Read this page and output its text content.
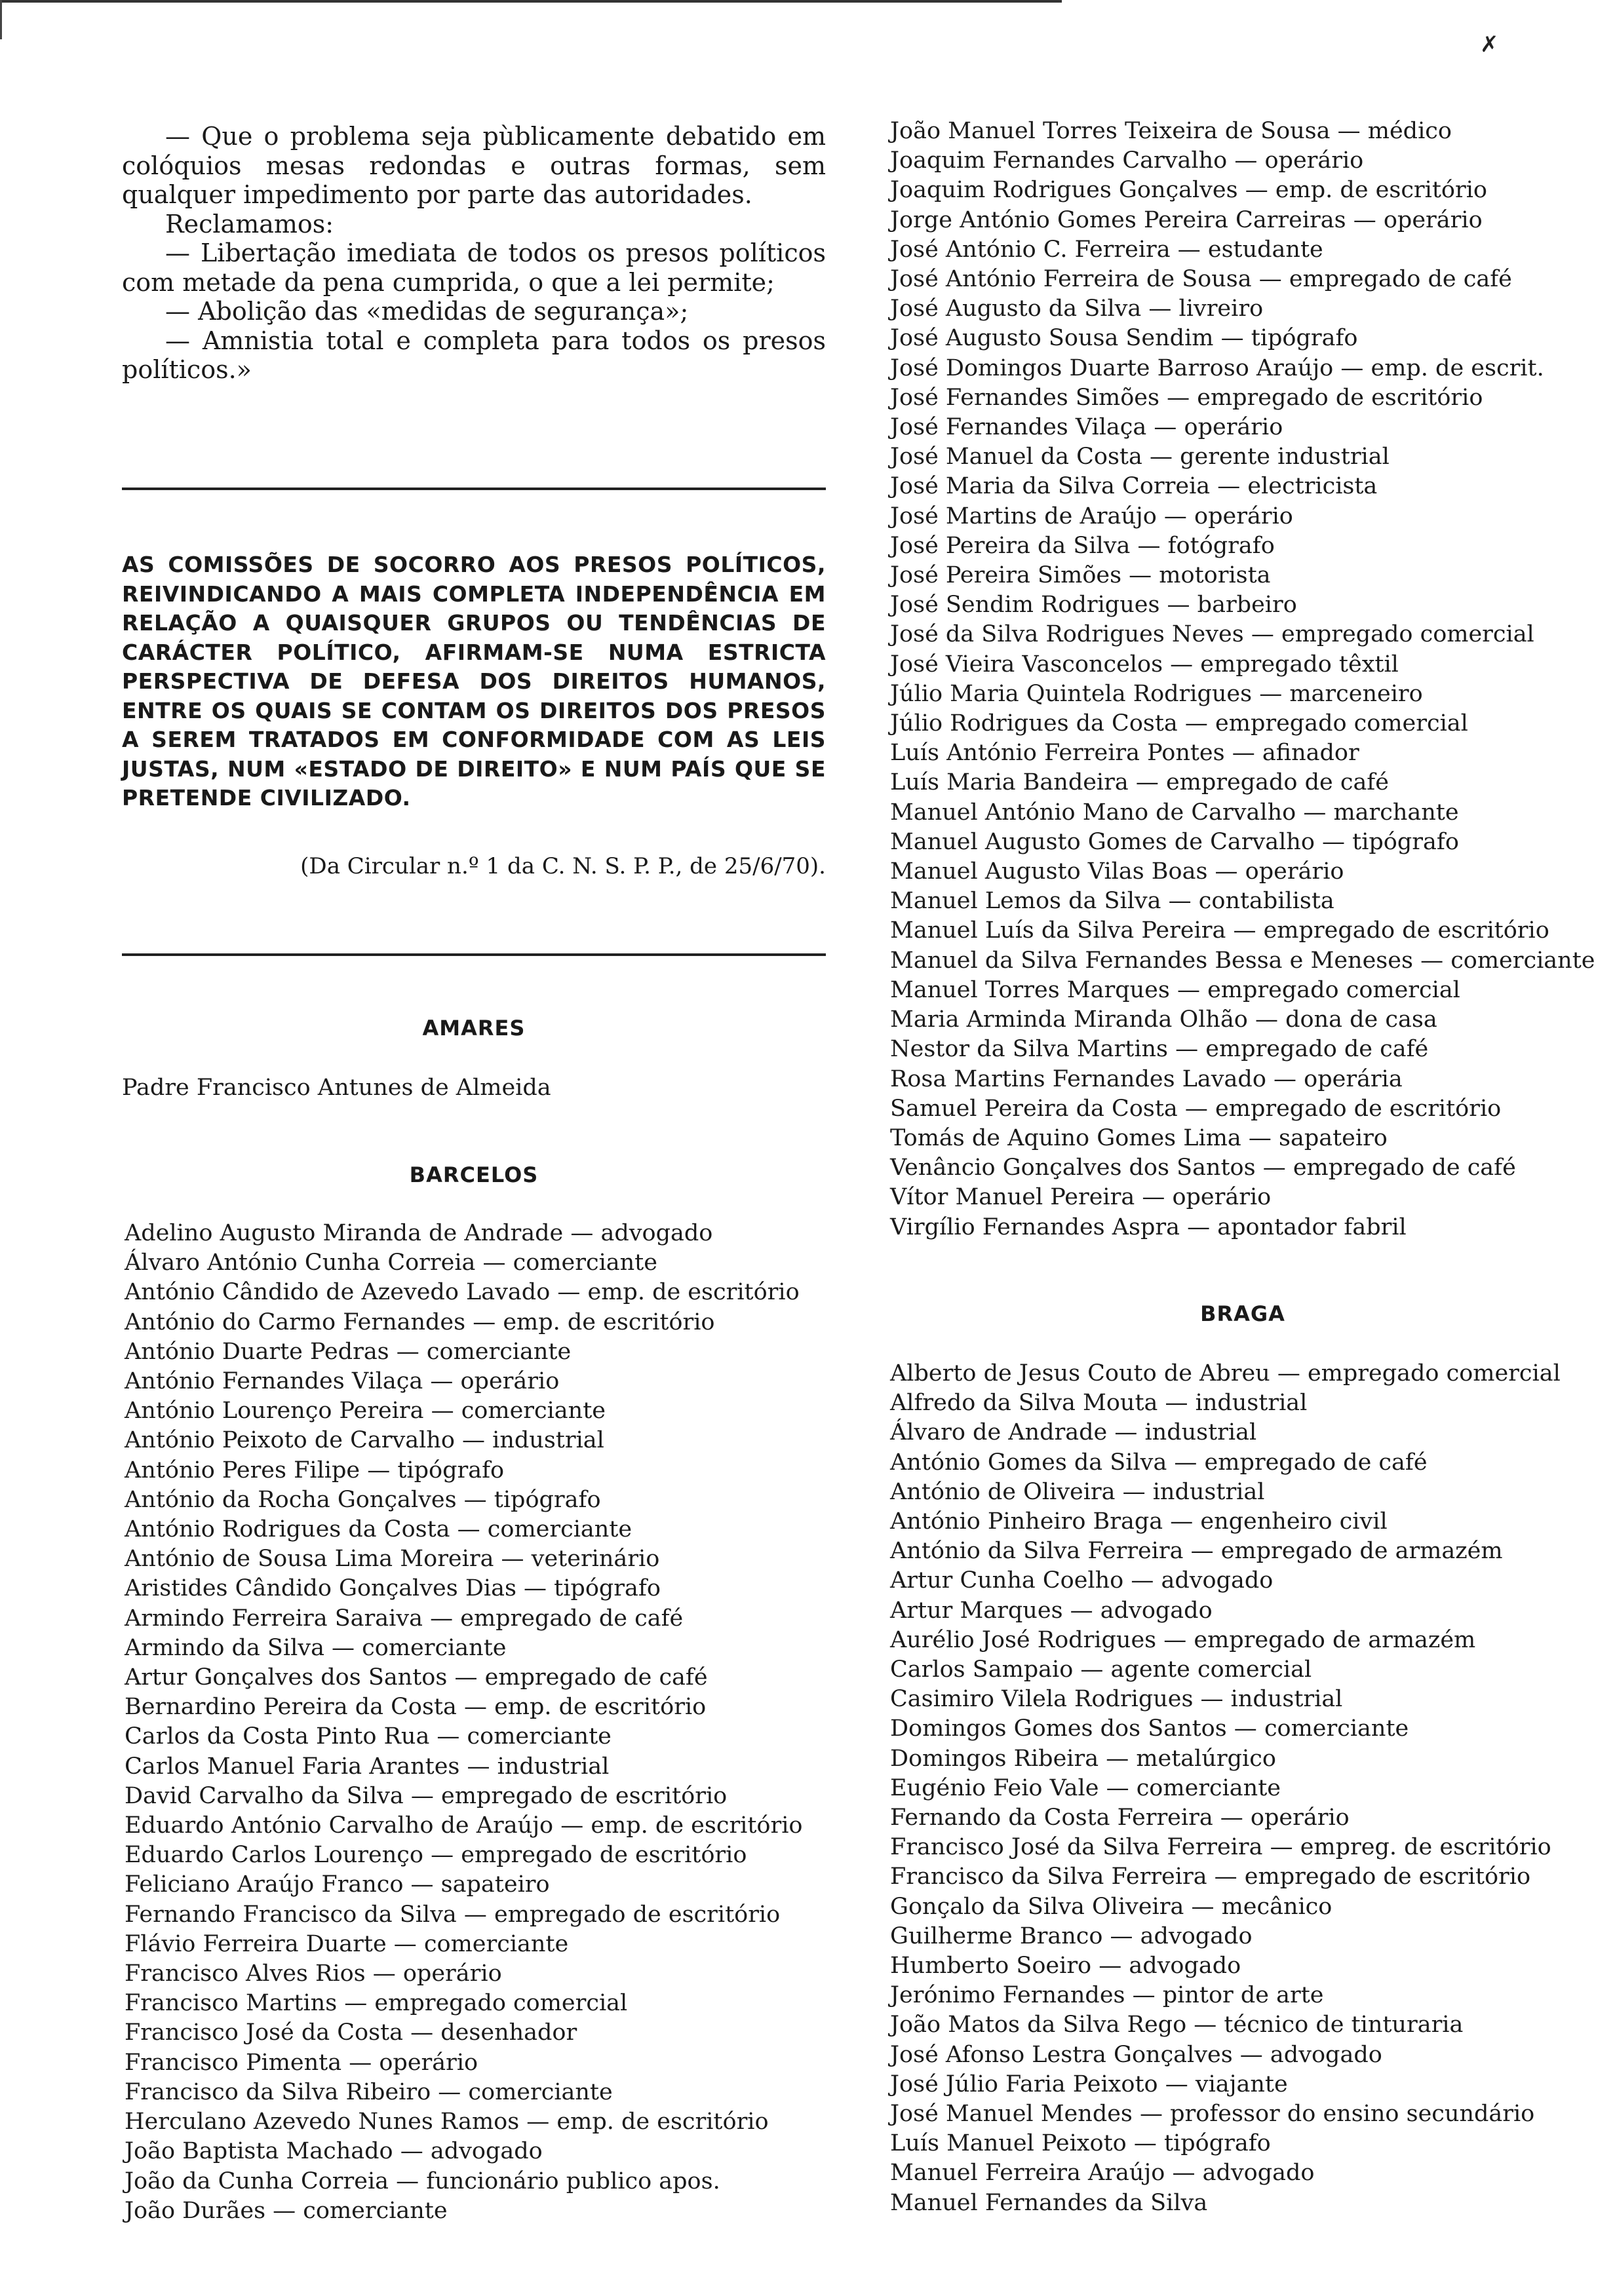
✗

— Que o problema seja pùblicamente debatido em colóquios mesas redondas e outras formas, sem qualquer impedimento por parte das autoridades.

Reclamamos:

— Libertação imediata de todos os presos políticos com metade da pena cumprida, o que a lei permite;

— Abolição das «medidas de segurança»;

— Amnistia total e completa para todos os presos políticos.»

AS COMISSÕES DE SOCORRO AOS PRESOS POLÍTICOS, REIVINDICANDO A MAIS COMPLETA INDEPENDÊNCIA EM RELAÇÃO A QUAISQUER GRUPOS OU TENDÊNCIAS DE CARÁCTER POLÍTICO, AFIRMAM-SE NUMA ESTRICTA PERSPECTIVA DE DEFESA DOS DIREITOS HUMANOS, ENTRE OS QUAIS SE CONTAM OS DIREITOS DOS PRESOS A SEREM TRATADOS EM CONFORMIDADE COM AS LEIS JUSTAS, NUM «ESTADO DE DIREITO» E NUM PAÍS QUE SE PRETENDE CIVILIZADO.
(Da Circular n.º 1 da C. N. S. P. P., de 25/6/70).
AMARES
Padre Francisco Antunes de Almeida
BARCELOS
Adelino Augusto Miranda de Andrade — advogado
Álvaro António Cunha Correia — comerciante
António Cândido de Azevedo Lavado — emp. de escritório
António do Carmo Fernandes — emp. de escritório
António Duarte Pedras — comerciante
António Fernandes Vilaça — operário
António Lourenço Pereira — comerciante
António Peixoto de Carvalho — industrial
António Peres Filipe — tipógrafo
António da Rocha Gonçalves — tipógrafo
António Rodrigues da Costa — comerciante
António de Sousa Lima Moreira — veterinário
Aristides Cândido Gonçalves Dias — tipógrafo
Armindo Ferreira Saraiva — empregado de café
Armindo da Silva — comerciante
Artur Gonçalves dos Santos — empregado de café
Bernardino Pereira da Costa — emp. de escritório
Carlos da Costa Pinto Rua — comerciante
Carlos Manuel Faria Arantes — industrial
David Carvalho da Silva — empregado de escritório
Eduardo António Carvalho de Araújo — emp. de escritório
Eduardo Carlos Lourenço — empregado de escritório
Feliciano Araújo Franco — sapateiro
Fernando Francisco da Silva — empregado de escritório
Flávio Ferreira Duarte — comerciante
Francisco Alves Rios — operário
Francisco Martins — empregado comercial
Francisco José da Costa — desenhador
Francisco Pimenta — operário
Francisco da Silva Ribeiro — comerciante
Herculano Azevedo Nunes Ramos — emp. de escritório
João Baptista Machado — advogado
João da Cunha Correia — funcionário publico apos.
João Durães — comerciante
João Manuel Torres Teixeira de Sousa — médico
Joaquim Fernandes Carvalho — operário
Joaquim Rodrigues Gonçalves — emp. de escritório
Jorge António Gomes Pereira Carreiras — operário
José António C. Ferreira — estudante
José António Ferreira de Sousa — empregado de café
José Augusto da Silva — livreiro
José Augusto Sousa Sendim — tipógrafo
José Domingos Duarte Barroso Araújo — emp. de escrit.
José Fernandes Simões — empregado de escritório
José Fernandes Vilaça — operário
José Manuel da Costa — gerente industrial
José Maria da Silva Correia — electricista
José Martins de Araújo — operário
José Pereira da Silva — fotógrafo
José Pereira Simões — motorista
José Sendim Rodrigues — barbeiro
José da Silva Rodrigues Neves — empregado comercial
José Vieira Vasconcelos — empregado têxtil
Júlio Maria Quintela Rodrigues — marceneiro
Júlio Rodrigues da Costa — empregado comercial
Luís António Ferreira Pontes — afinador
Luís Maria Bandeira — empregado de café
Manuel António Mano de Carvalho — marchante
Manuel Augusto Gomes de Carvalho — tipógrafo
Manuel Augusto Vilas Boas — operário
Manuel Lemos da Silva — contabilista
Manuel Luís da Silva Pereira — empregado de escritório
Manuel da Silva Fernandes Bessa e Meneses — comerciante
Manuel Torres Marques — empregado comercial
Maria Arminda Miranda Olhão — dona de casa
Nestor da Silva Martins — empregado de café
Rosa Martins Fernandes Lavado — operária
Samuel Pereira da Costa — empregado de escritório
Tomás de Aquino Gomes Lima — sapateiro
Venâncio Gonçalves dos Santos — empregado de café
Vítor Manuel Pereira — operário
Virgílio Fernandes Aspra — apontador fabril
BRAGA
Alberto de Jesus Couto de Abreu — empregado comercial
Alfredo da Silva Mouta — industrial
Álvaro de Andrade — industrial
António Gomes da Silva — empregado de café
António de Oliveira — industrial
António Pinheiro Braga — engenheiro civil
António da Silva Ferreira — empregado de armazém
Artur Cunha Coelho — advogado
Artur Marques — advogado
Aurélio José Rodrigues — empregado de armazém
Carlos Sampaio — agente comercial
Casimiro Vilela Rodrigues — industrial
Domingos Gomes dos Santos — comerciante
Domingos Ribeira — metalúrgico
Eugénio Feio Vale — comerciante
Fernando da Costa Ferreira — operário
Francisco José da Silva Ferreira — empreg. de escritório
Francisco da Silva Ferreira — empregado de escritório
Gonçalo da Silva Oliveira — mecânico
Guilherme Branco — advogado
Humberto Soeiro — advogado
Jerónimo Fernandes — pintor de arte
João Matos da Silva Rego — técnico de tinturaria
José Afonso Lestra Gonçalves — advogado
José Júlio Faria Peixoto — viajante
José Manuel Mendes — professor do ensino secundário
Luís Manuel Peixoto — tipógrafo
Manuel Ferreira Araújo — advogado
Manuel Fernandes da Silva
